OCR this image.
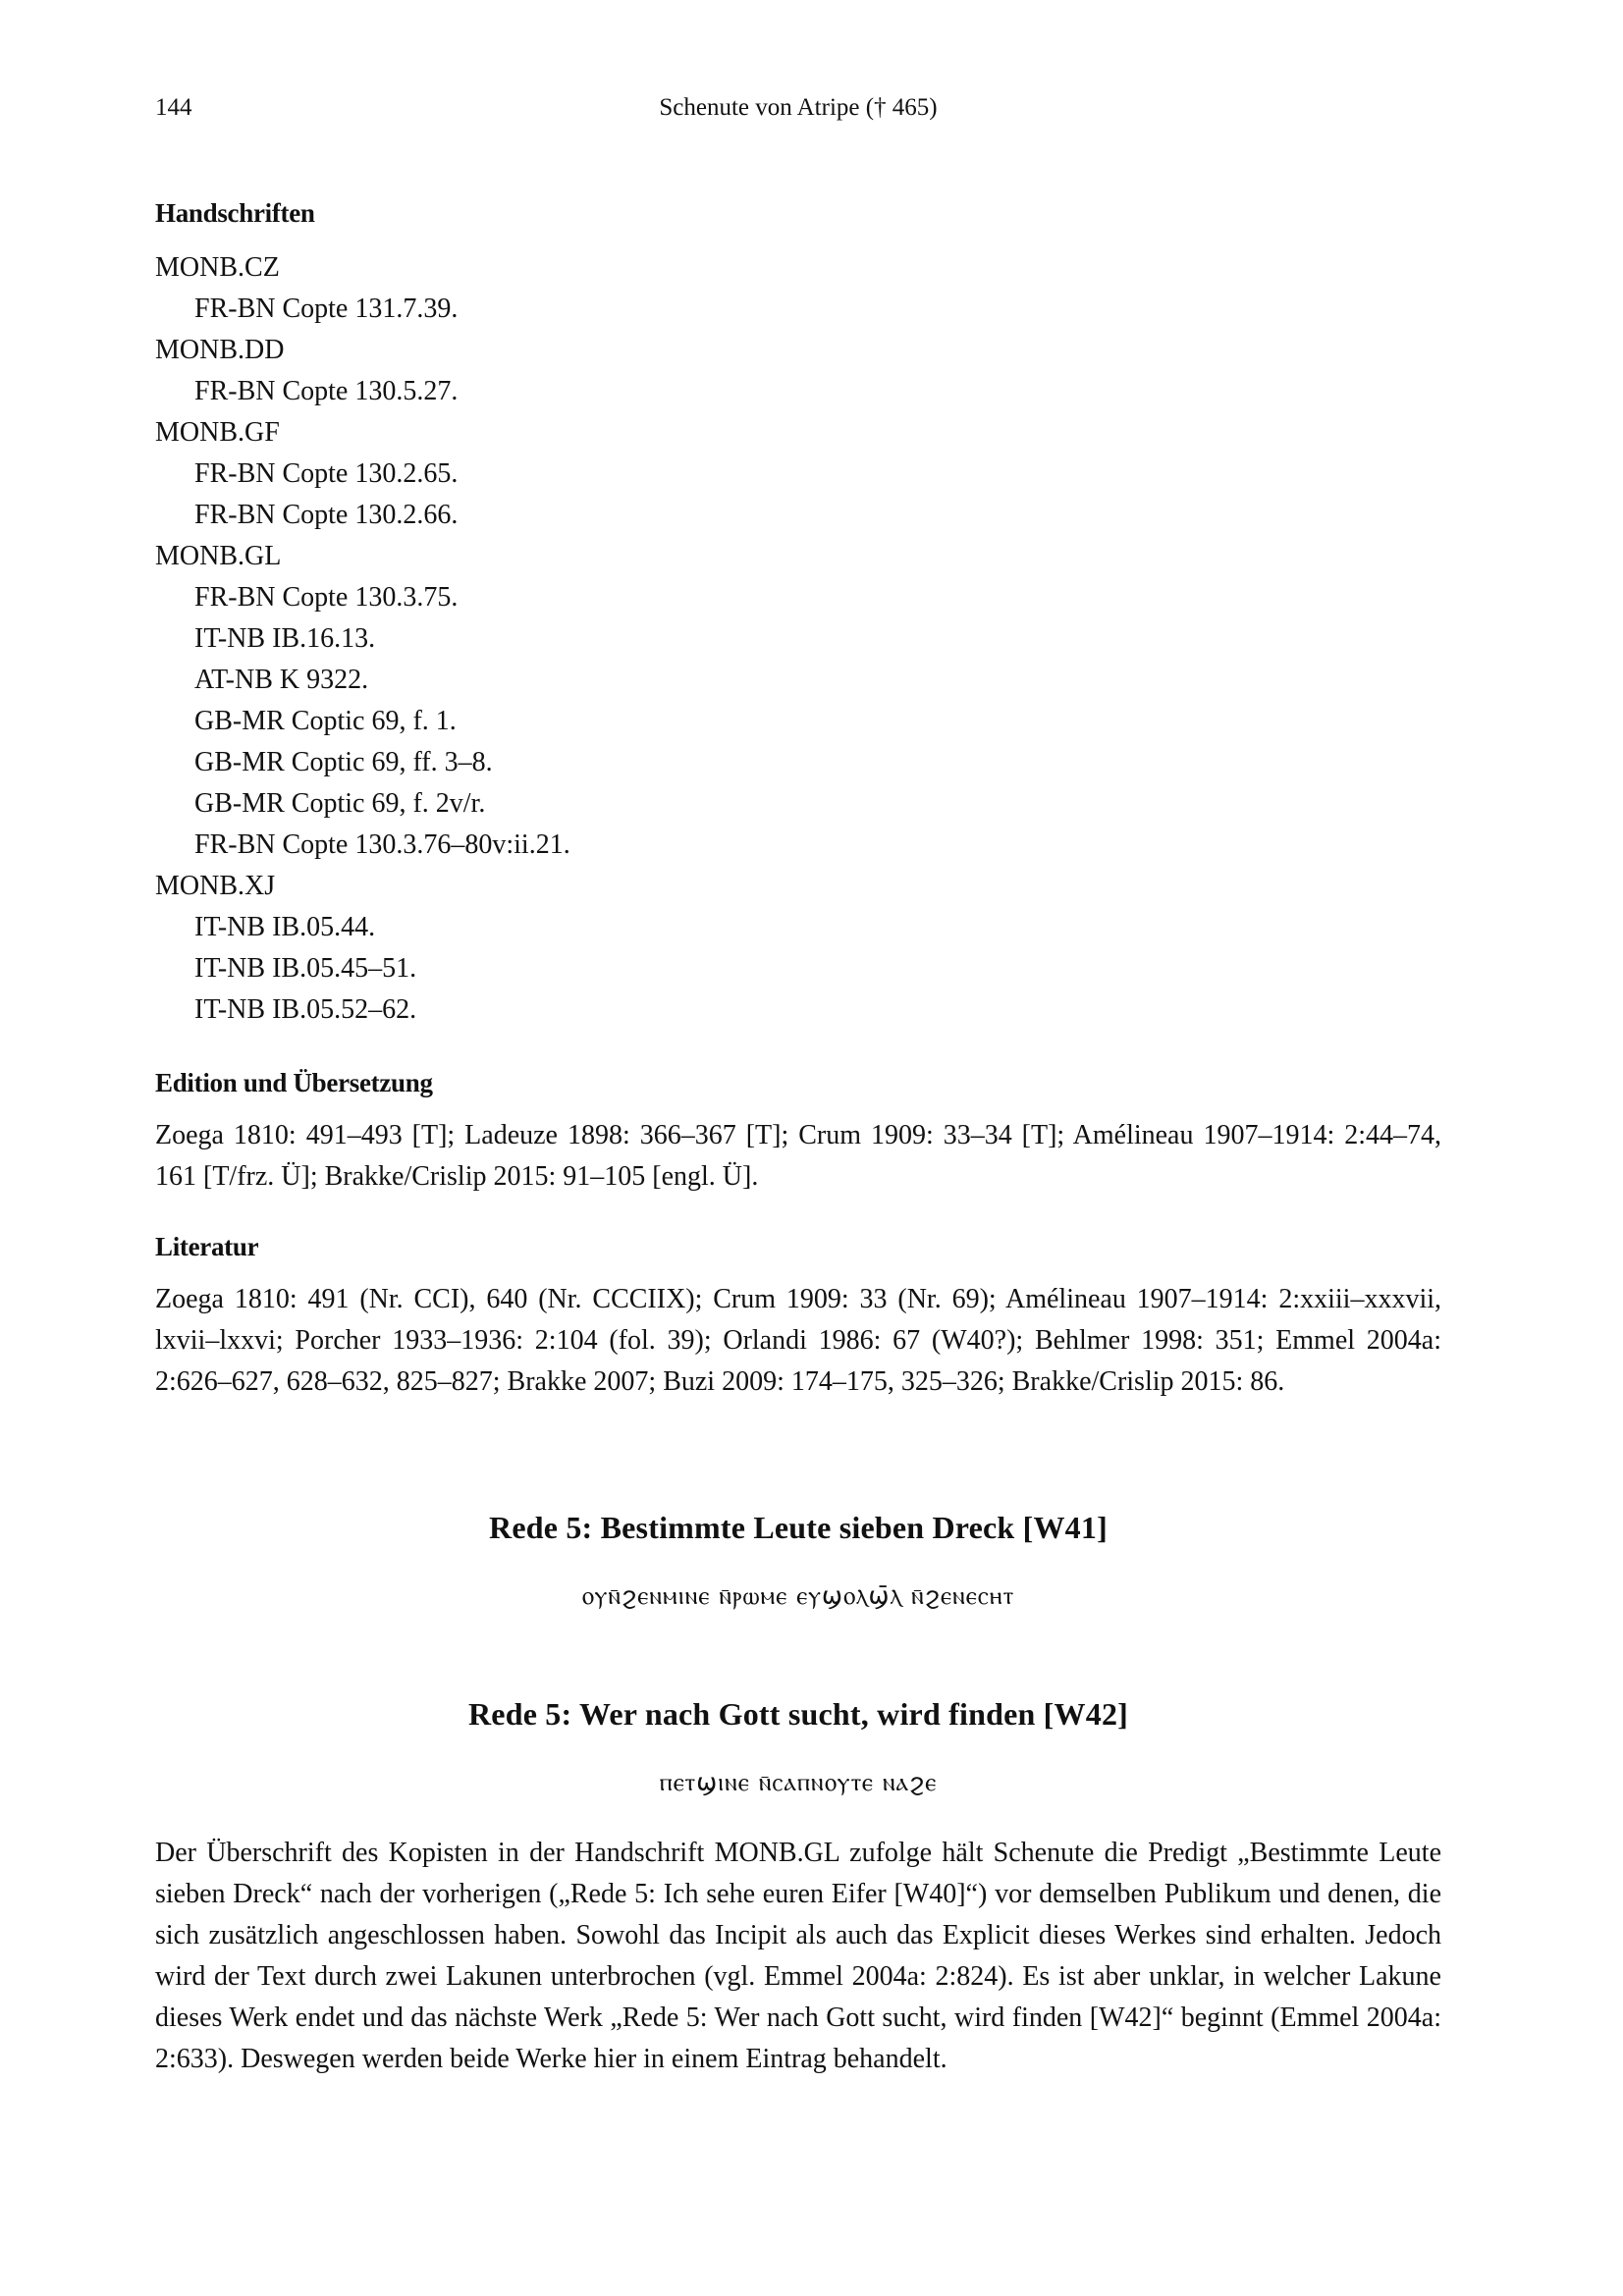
144	Schenute von Atripe († 465)
Handschriften
MONB.CZ
FR-BN Copte 131.7.39.
MONB.DD
FR-BN Copte 130.5.27.
MONB.GF
FR-BN Copte 130.2.65.
FR-BN Copte 130.2.66.
MONB.GL
FR-BN Copte 130.3.75.
IT-NB IB.16.13.
AT-NB K 9322.
GB-MR Coptic 69, f. 1.
GB-MR Coptic 69, ff. 3–8.
GB-MR Coptic 69, f. 2v/r.
FR-BN Copte 130.3.76–80v:ii.21.
MONB.XJ
IT-NB IB.05.44.
IT-NB IB.05.45–51.
IT-NB IB.05.52–62.
Edition und Übersetzung

Zoega 1810: 491–493 [T]; Ladeuze 1898: 366–367 [T]; Crum 1909: 33–34 [T]; Amélineau 1907–1914: 2:44–74, 161 [T/frz. Ü]; Brakke/Crislip 2015: 91–105 [engl. Ü].

Literatur

Zoega 1810: 491 (Nr. CCI), 640 (Nr. CCCIIX); Crum 1909: 33 (Nr. 69); Amélineau 1907–1914: 2:xxiii–xxxvii, lxvii–lxxvi; Porcher 1933–1936: 2:104 (fol. 39); Orlandi 1986: 67 (W40?); Behlmer 1998: 351; Emmel 2004a: 2:626–627, 628–632, 825–827; Brakke 2007; Buzi 2009: 174–175, 325–326; Brakke/Crislip 2015: 86.

Rede 5: Bestimmte Leute sieben Dreck [W41]
ⲟⲩⲛ̄ϩⲉⲛⲙⲓⲛⲉ ⲛ̄ⲣⲱⲙⲉ ⲉⲩϣⲟⲗϣ̄ⲗ ⲛ̄ϩⲉⲛⲉⲥⲏⲧ
Rede 5: Wer nach Gott sucht, wird finden [W42]
ⲡⲉⲧϣⲓⲛⲉ ⲛ̄ⲥⲁⲡⲛⲟⲩⲧⲉ ⲛⲁϩⲉ

Der Überschrift des Kopisten in der Handschrift MONB.GL zufolge hält Schenute die Predigt „Bestimmte Leute sieben Dreck“ nach der vorherigen („Rede 5: Ich sehe euren Eifer [W40]“) vor demselben Publikum und denen, die sich zusätzlich angeschlossen haben. Sowohl das Incipit als auch das Explicit dieses Werkes sind erhalten. Jedoch wird der Text durch zwei Lakunen unterbrochen (vgl. Emmel 2004a: 2:824). Es ist aber unklar, in welcher Lakune dieses Werk endet und das nächste Werk „Rede 5: Wer nach Gott sucht, wird finden [W42]“ beginnt (Emmel 2004a: 2:633). Deswegen werden beide Werke hier in einem Eintrag behandelt.
